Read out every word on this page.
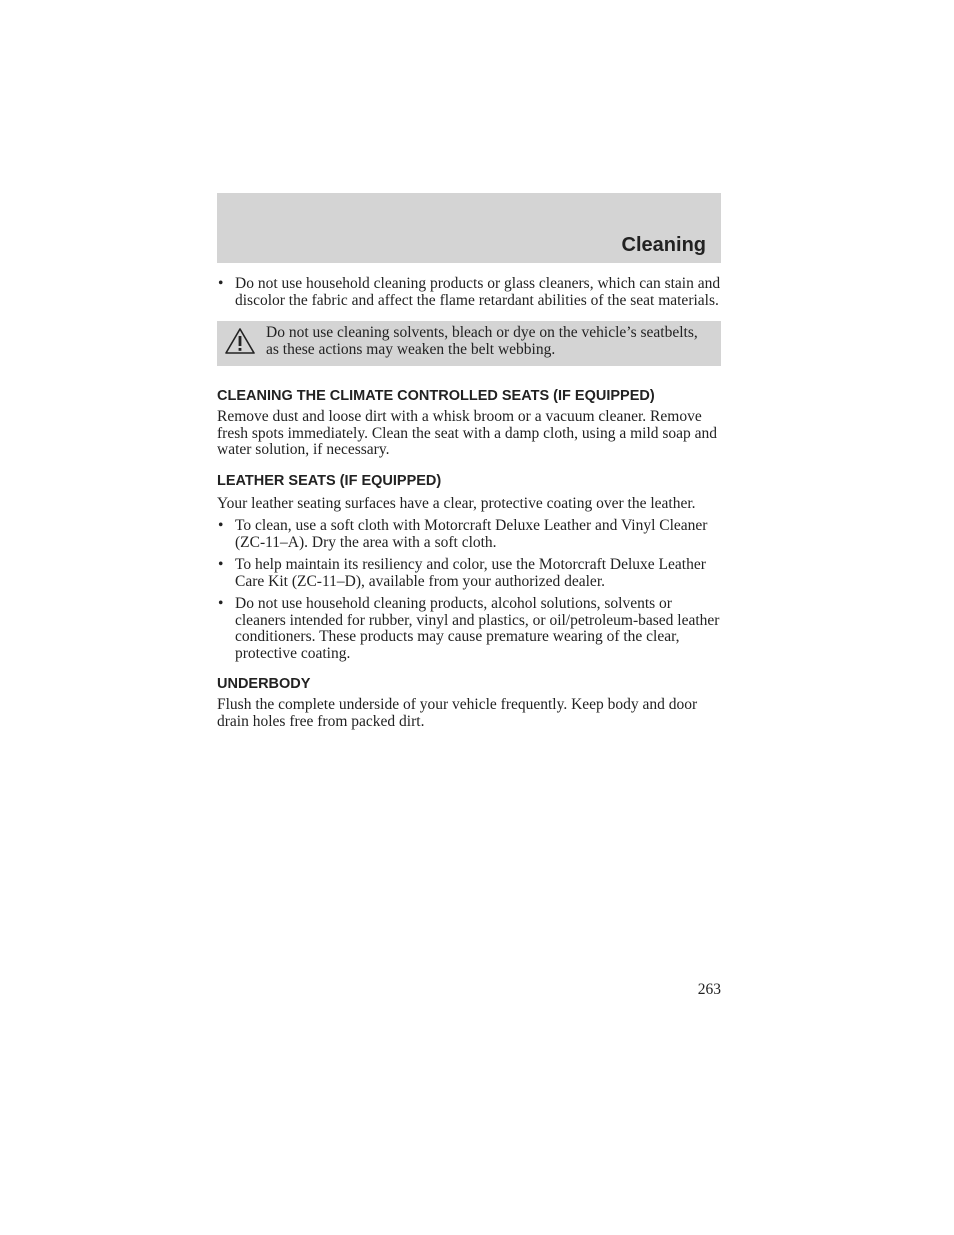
Cleaning
• Do not use household cleaning products or glass cleaners, which can stain and discolor the fabric and affect the flame retardant abilities of the seat materials.

Do not use cleaning solvents, bleach or dye on the vehicle’s seatbelts, as these actions may weaken the belt webbing.

CLEANING THE CLIMATE CONTROLLED SEATS (IF EQUIPPED)

Remove dust and loose dirt with a whisk broom or a vacuum cleaner. Remove fresh spots immediately. Clean the seat with a damp cloth, using a mild soap and water solution, if necessary.

LEATHER SEATS (IF EQUIPPED)

Your leather seating surfaces have a clear, protective coating over the leather.

• To clean, use a soft cloth with Motorcraft Deluxe Leather and Vinyl Cleaner (ZC-11–A). Dry the area with a soft cloth.
• To help maintain its resiliency and color, use the Motorcraft Deluxe Leather Care Kit (ZC-11–D), available from your authorized dealer.
• Do not use household cleaning products, alcohol solutions, solvents or cleaners intended for rubber, vinyl and plastics, or oil/petroleum-based leather conditioners. These products may cause premature wearing of the clear, protective coating.
UNDERBODY

Flush the complete underside of your vehicle frequently. Keep body and door drain holes free from packed dirt.

263
